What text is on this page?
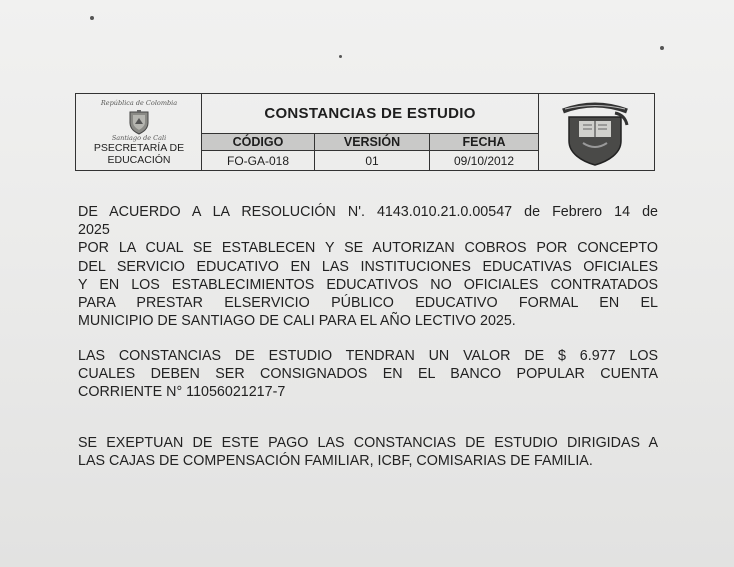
República de Colombia
Santiago de Cali
PSECRETARÍA DE
EDUCACIÓN
CONSTANCIAS DE ESTUDIO
CÓDIGO	VERSIÓN	FECHA
FO-GA-018	01	09/10/2012
DE ACUERDO A LA RESOLUCIÓN N'. 4143.010.21.0.00547 de Febrero 14 de
2025
POR LA CUAL SE ESTABLECEN Y SE AUTORIZAN COBROS POR CONCEPTO
DEL SERVICIO EDUCATIVO EN LAS INSTITUCIONES EDUCATIVAS OFICIALES
Y EN LOS ESTABLECIMIENTOS EDUCATIVOS NO OFICIALES CONTRATADOS
PARA PRESTAR ELSERVICIO PÚBLICO EDUCATIVO FORMAL EN EL
MUNICIPIO DE SANTIAGO DE CALI PARA EL AÑO LECTIVO 2025.
LAS CONSTANCIAS DE ESTUDIO TENDRAN UN VALOR DE $ 6.977 LOS
CUALES DEBEN SER CONSIGNADOS EN EL BANCO POPULAR CUENTA
CORRIENTE N° 11056021217-7
SE EXEPTUAN DE ESTE PAGO LAS CONSTANCIAS DE ESTUDIO DIRIGIDAS A
LAS CAJAS DE COMPENSACIÓN FAMILIAR, ICBF, COMISARIAS DE FAMILIA.
